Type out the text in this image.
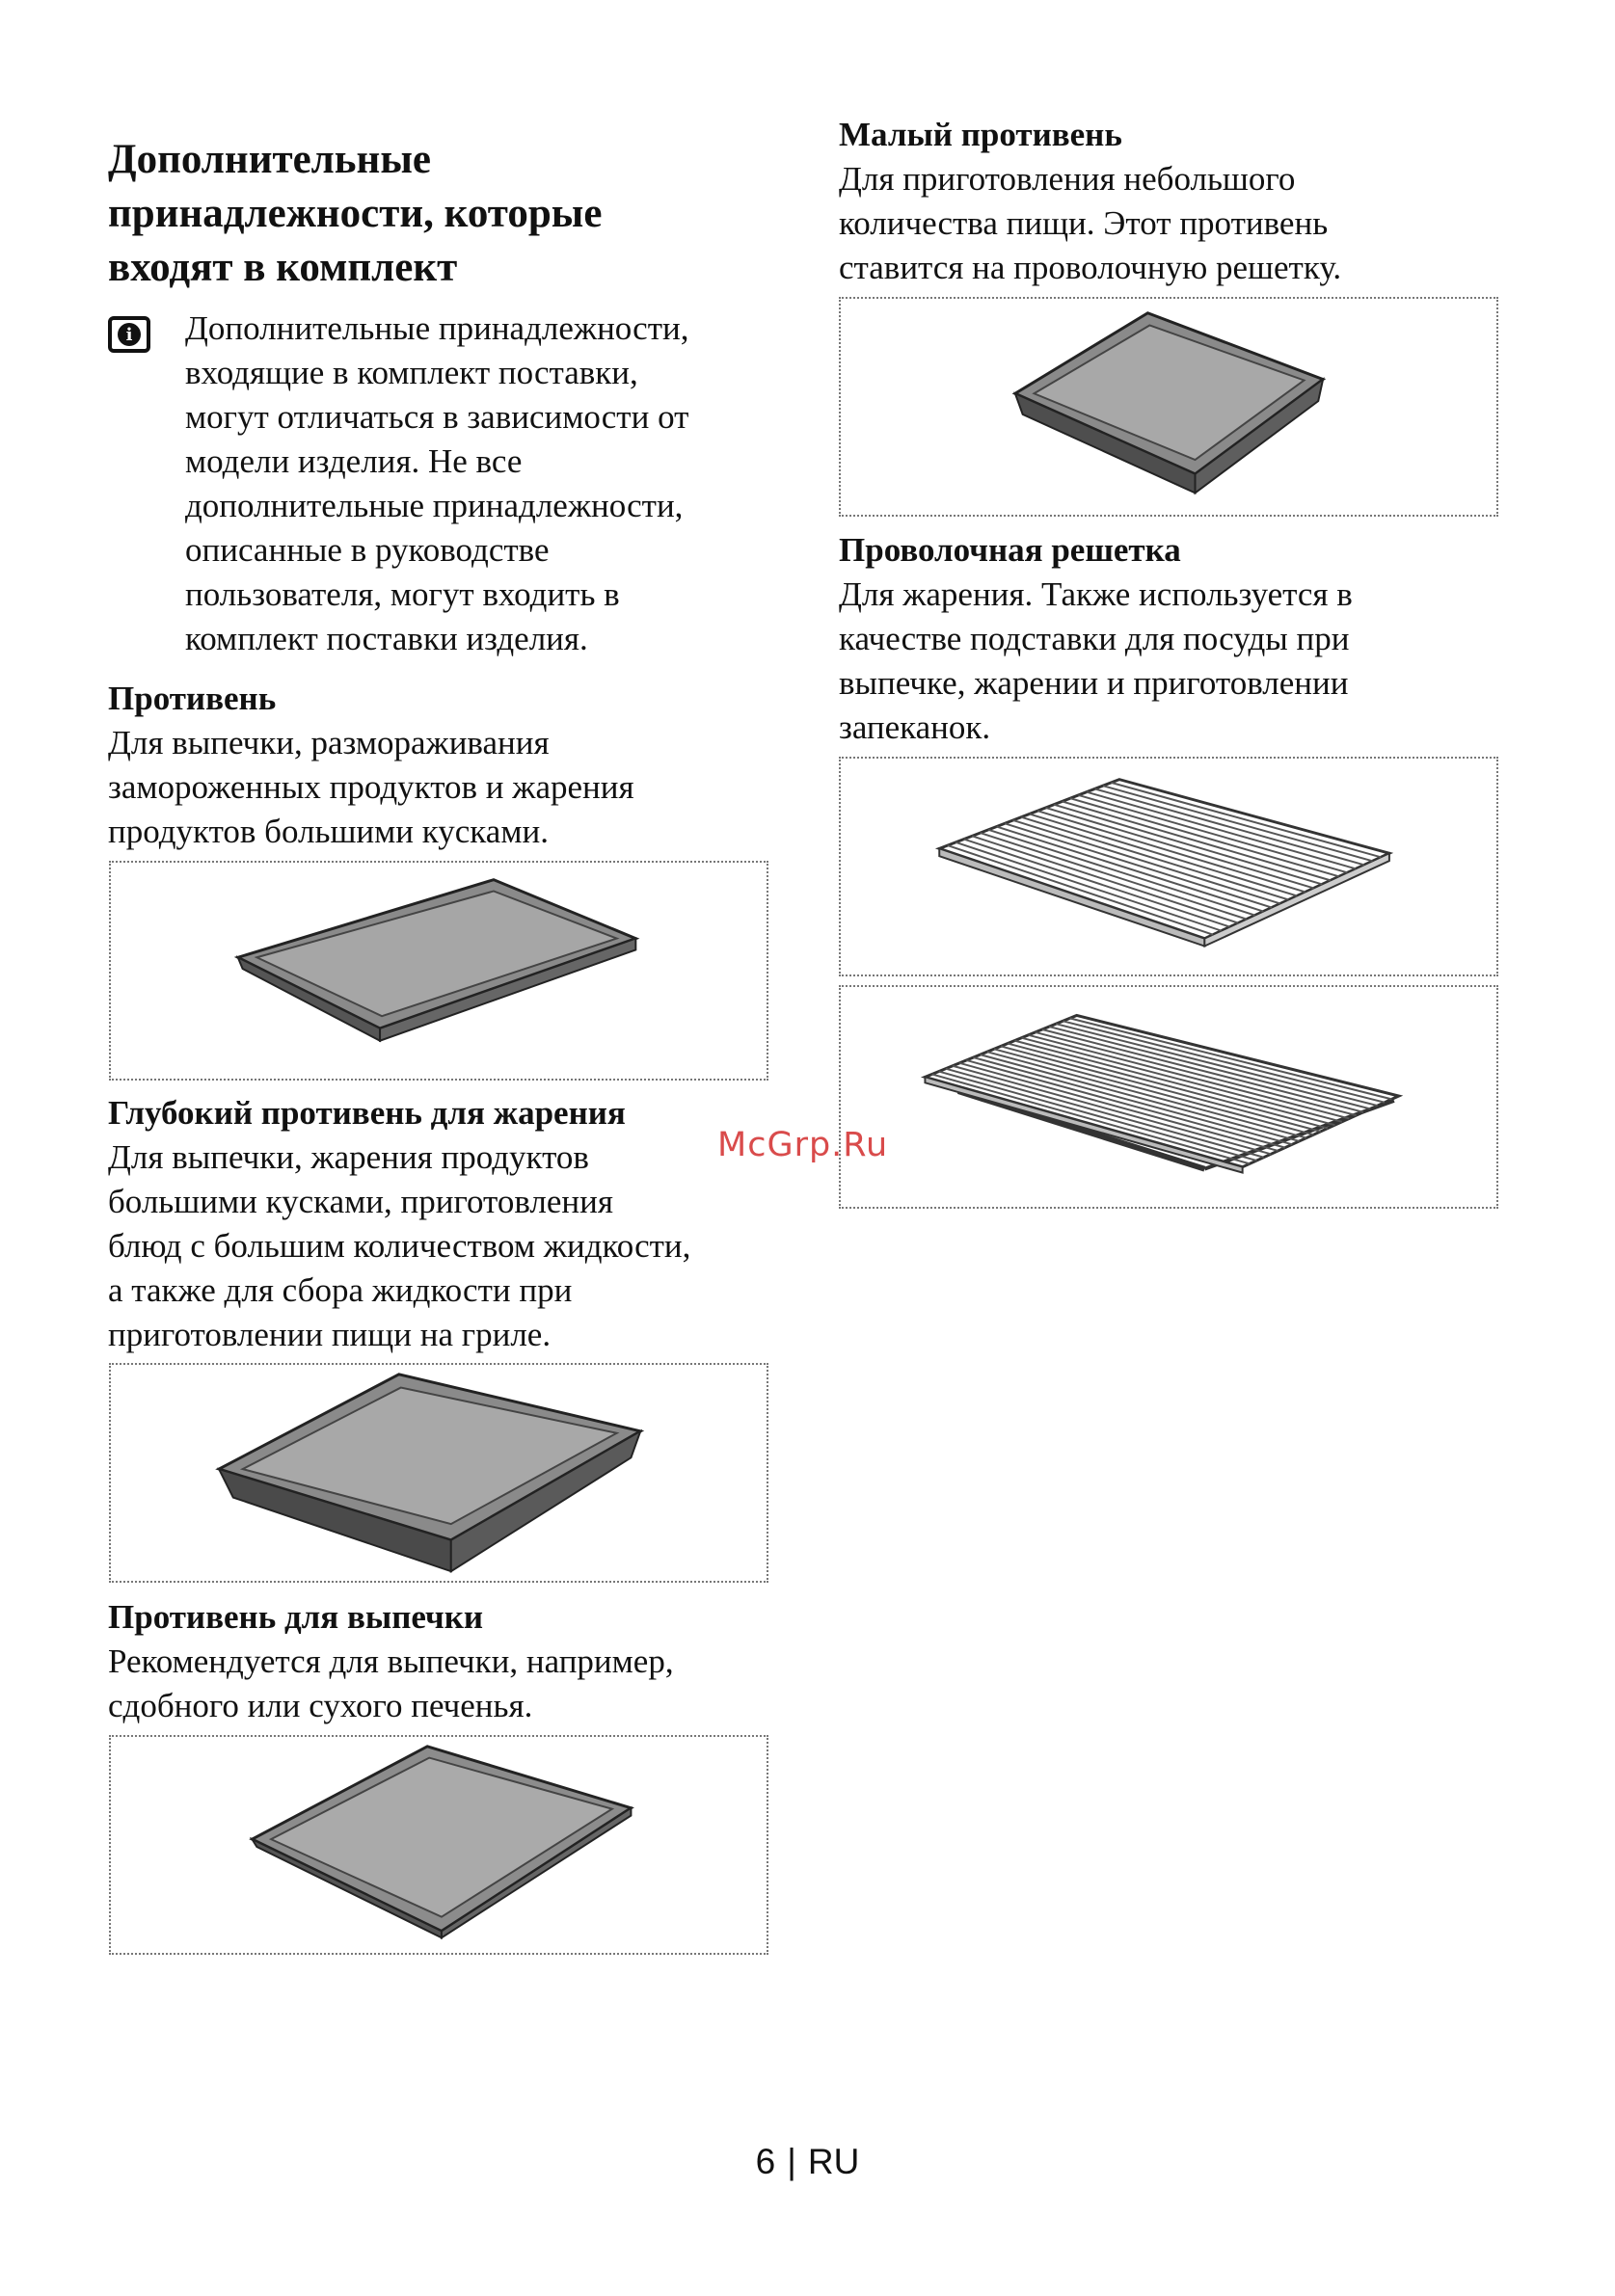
Дополнительные
принадлежности, которые
входят в комплект
i Дополнительные принадлежности,
входящие в комплект поставки,
могут отличаться в зависимости от
модели изделия. Не все
дополнительные принадлежности,
описанные в руководстве
пользователя, могут входить в
комплект поставки изделия.

Противень

Для выпечки, размораживания
замороженных продуктов и жарения
продуктов большими кусками.

Глубокий противень для жарения

Для выпечки, жарения продуктов
большими кусками, приготовления
блюд с большим количеством жидкости,
а также для сбора жидкости при
приготовлении пищи на гриле.

Противень для выпечки

Рекомендуется для выпечки, например,
сдобного или сухого печенья.

Малый противень

Для приготовления небольшого
количества пищи. Этот противень
ставится на проволочную решетку.

Проволочная решетка

Для жарения. Также используется в
качестве подставки для посуды при
выпечке, жарении и приготовлении
запеканок.

McGrp.Ru
6 | RU
